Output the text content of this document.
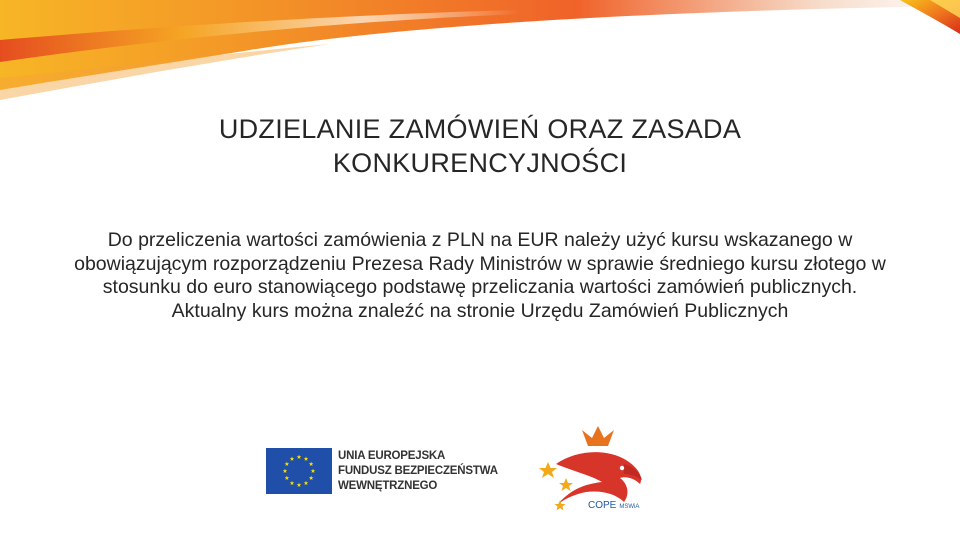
UDZIELANIE ZAMÓWIEŃ ORAZ ZASADA
KONKURENCYJNOŚCI
Do przeliczenia wartości zamówienia z PLN na EUR należy użyć kursu wskazanego w obowiązującym rozporządzeniu Prezesa Rady Ministrów w sprawie średniego kursu złotego w stosunku do euro stanowiącego podstawę przeliczania wartości zamówień publicznych. Aktualny kurs można znaleźć na stronie Urzędu Zamówień Publicznych
UNIA EUROPEJSKA
FUNDUSZ BEZPIECZEŃSTWA
WEWNĘTRZNEGO
COPE MSWiA
